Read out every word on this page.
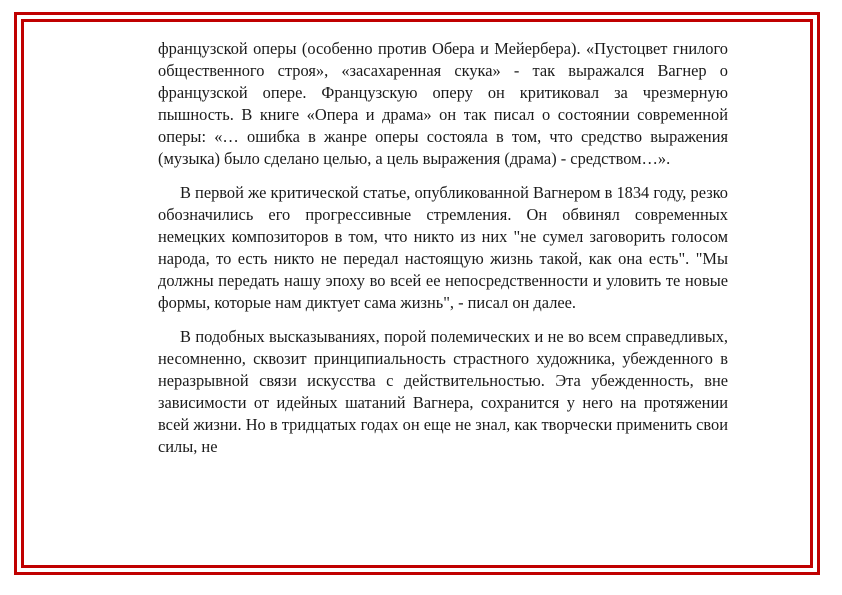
французской оперы (особенно против Обера и Мейербера). «Пустоцвет гнилого общественного строя», «засахаренная скука» - так выражался Вагнер о французской опере. Французскую оперу он критиковал за чрезмерную пышность. В книге «Опера и драма» он так писал о состоянии современной оперы: «… ошибка в жанре оперы состояла в том, что средство выражения (музыка) было сделано целью, а цель выражения (драма) - средством…».

В первой же критической статье, опубликованной Вагнером в 1834 году, резко обозначились его прогрессивные стремления. Он обвинял современных немецких композиторов в том, что никто из них "не сумел заговорить голосом народа, то есть никто не передал настоящую жизнь такой, как она есть". "Мы должны передать нашу эпоху во всей ее непосредственности и уловить те новые формы, которые нам диктует сама жизнь", - писал он далее.

В подобных высказываниях, порой полемических и не во всем справедливых, несомненно, сквозит принципиальность страстного художника, убежденного в неразрывной связи искусства с действительностью. Эта убежденность, вне зависимости от идейных шатаний Вагнера, сохранится у него на протяжении всей жизни. Но в тридцатых годах он еще не знал, как творчески применить свои силы, не
